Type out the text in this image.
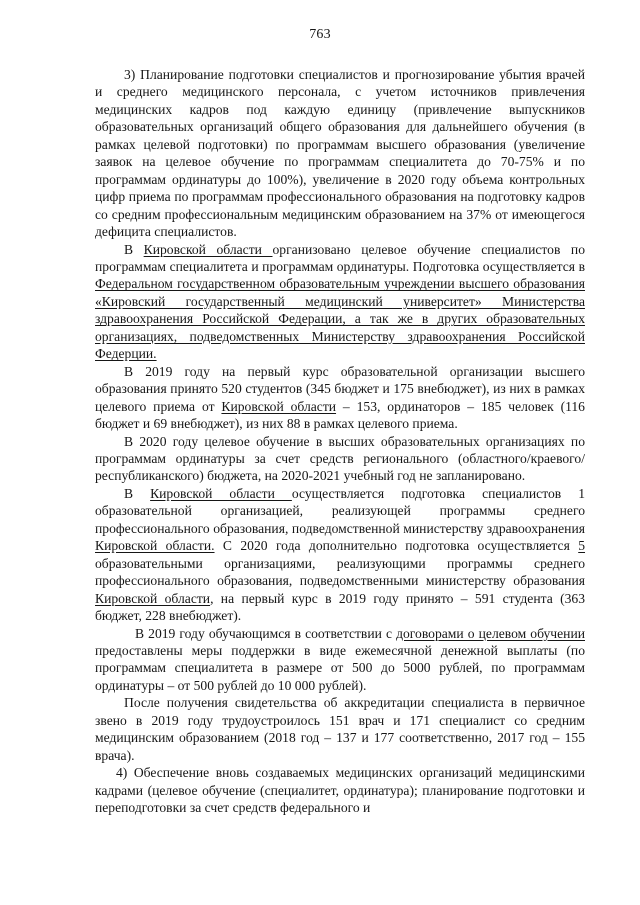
763

3) Планирование подготовки специалистов и прогнозирование убытия врачей и среднего медицинского персонала, с учетом источников привлечения медицинских кадров под каждую единицу (привлечение выпускников образовательных организаций общего образования для дальнейшего обучения (в рамках целевой подготовки) по программам высшего образования (увеличение заявок на целевое обучение по программам специалитета до 70-75% и по программам ординатуры до 100%), увеличение в 2020 году объема контрольных цифр приема по программам профессионального образования на подготовку кадров со средним профессиональным медицинским образованием на 37% от имеющегося дефицита специалистов.

В Кировской области организовано целевое обучение специалистов по программам специалитета и программам ординатуры. Подготовка осуществляется в Федеральном государственном образовательным учреждении высшего образования «Кировский государственный медицинский университет» Министерства здравоохранения Российской Федерации, а так же в других образовательных организациях, подведомственных Министерству здравоохранения Российской Федерции.

В 2019 году на первый курс образовательной организации высшего образования принято 520 студентов (345 бюджет и 175 внебюджет), из них в рамках целевого приема от Кировской области – 153, ординаторов – 185 человек (116 бюджет и 69 внебюджет), из них 88 в рамках целевого приема.

В 2020 году целевое обучение в высших образовательных организациях по программам ординатуры за счет средств регионального (областного/краевого/республиканского) бюджета, на 2020-2021 учебный год не запланировано.

В Кировской области осуществляется подготовка специалистов 1 образовательной организацией, реализующей программы среднего профессионального образования, подведомственной министерству здравоохранения Кировской области. С 2020 года дополнительно подготовка осуществляется 5 образовательными организациями, реализующими программы среднего профессионального образования, подведомственными министерству образования Кировской области, на первый курс в 2019 году принято – 591 студента (363 бюджет, 228 внебюджет).

В 2019 году обучающимся в соответствии с договорами о целевом обучении предоставлены меры поддержки в виде ежемесячной денежной выплаты (по программам специалитета в размере от 500 до 5000 рублей, по программам ординатуры – от 500 рублей до 10 000 рублей).

После получения свидетельства об аккредитации специалиста в первичное звено в 2019 году трудоустроилось 151 врач и 171 специалист со средним медицинским образованием (2018 год – 137 и 177 соответственно, 2017 год – 155 врача).

4) Обеспечение вновь создаваемых медицинских организаций медицинскими кадрами (целевое обучение (специалитет, ординатура); планирование подготовки и переподготовки за счет средств федерального и
